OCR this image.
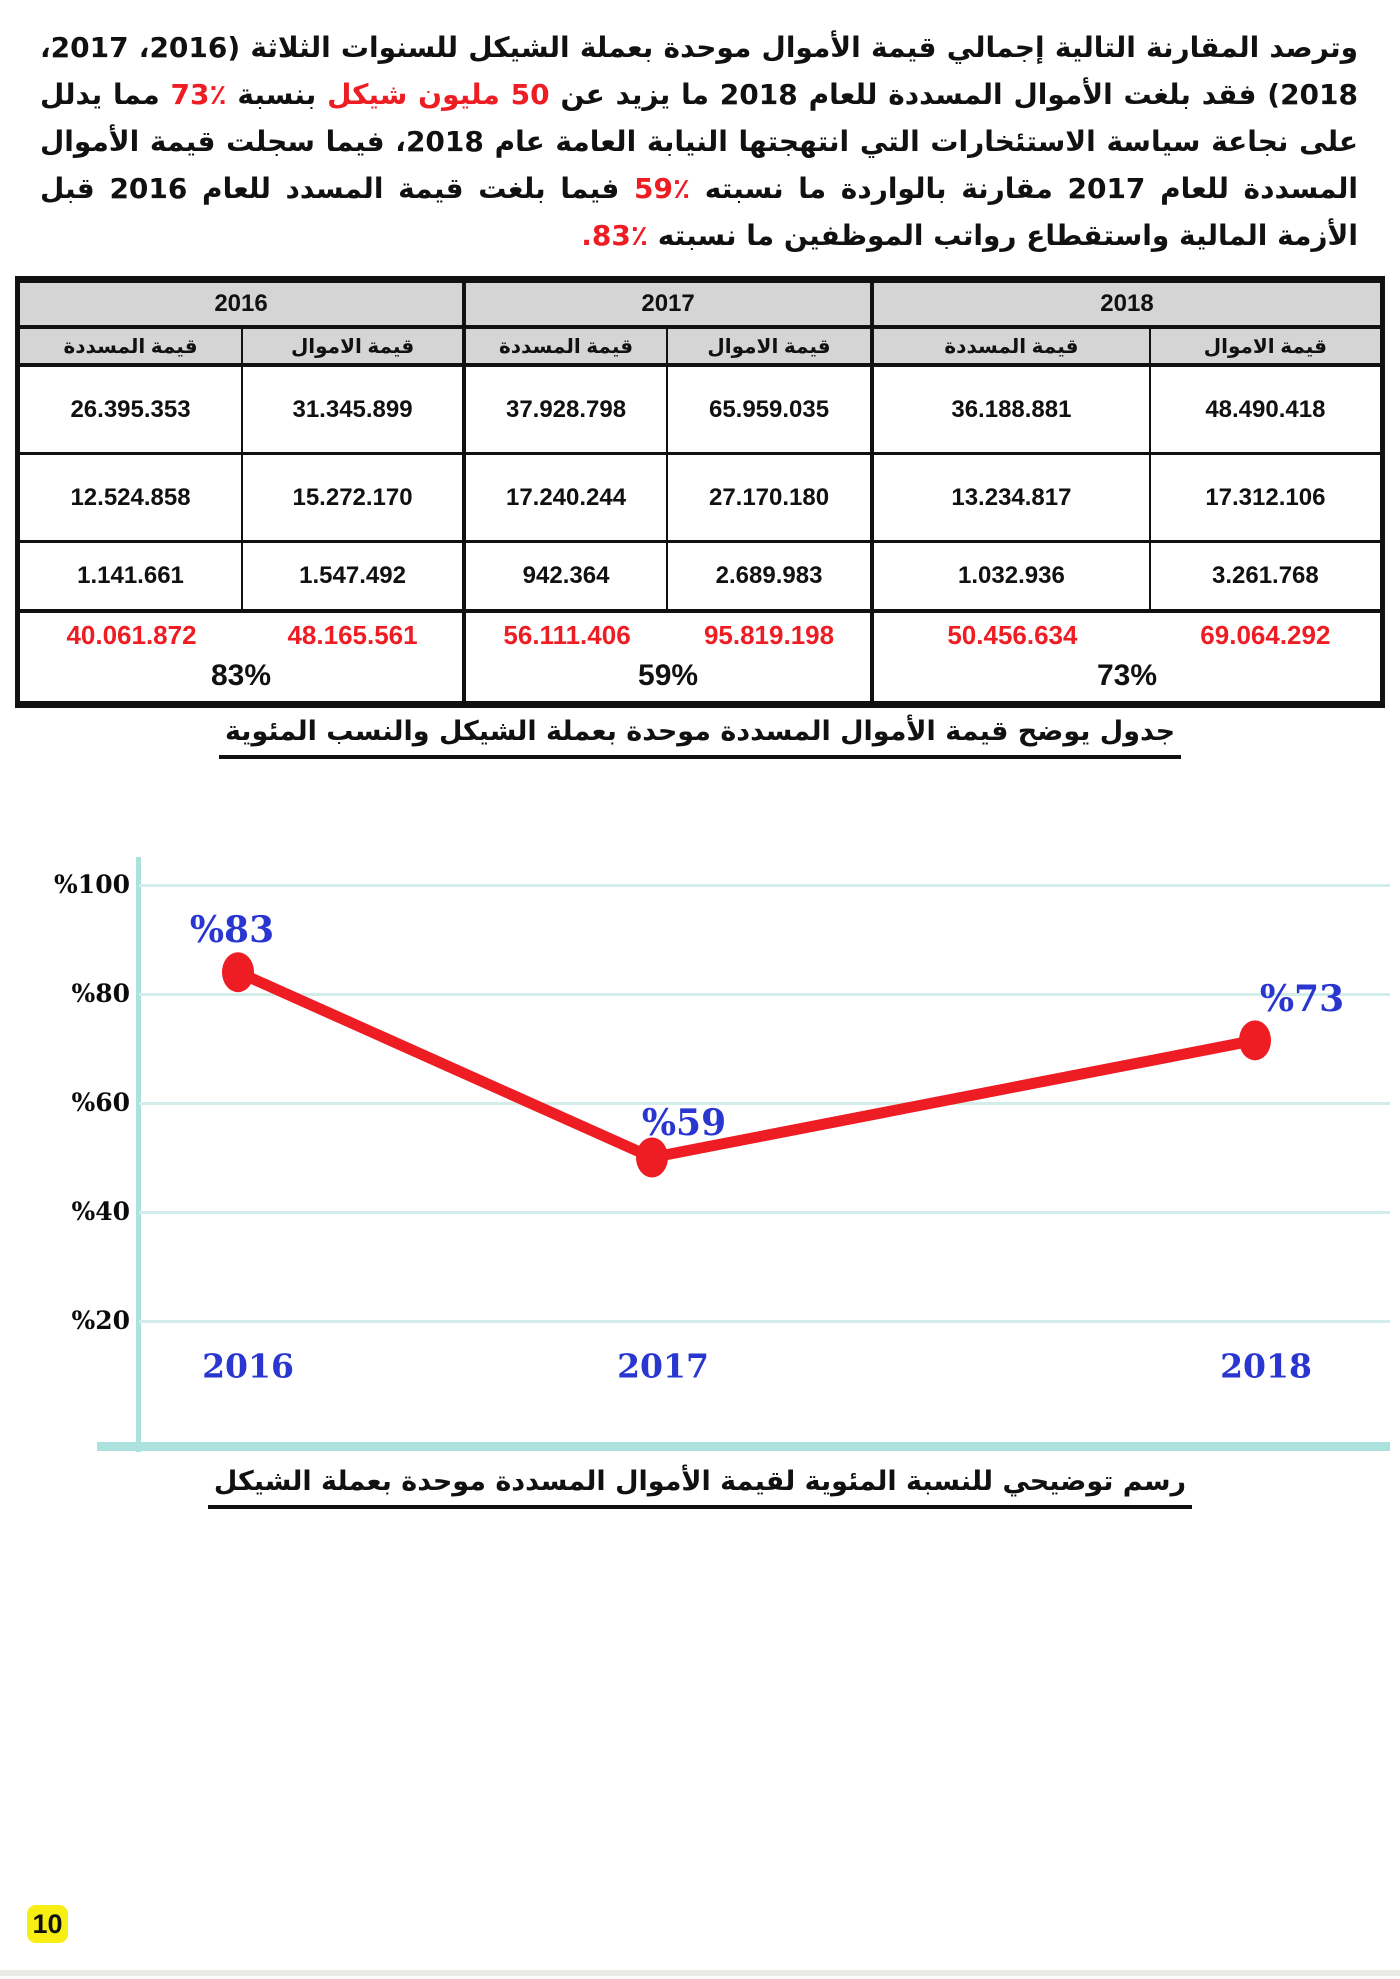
وترصد المقارنة التالية إجمالي قيمة الأموال موحدة بعملة الشيكل للسنوات الثلاثة (2016، 2017، 2018) فقد بلغت الأموال المسددة للعام 2018 ما يزيد عن 50 مليون شيكل بنسبة ٪73 مما يدلل على نجاعة سياسة الاستئخارات التي انتهجتها النيابة العامة عام 2018، فيما سجلت قيمة الأموال المسددة للعام 2017 مقارنة بالواردة ما نسبته ٪59 فيما بلغت قيمة المسدد للعام 2016 قبل الأزمة المالية واستقطاع رواتب الموظفين ما نسبته ٪83.

2016	2017	2018
قيمة المسددة	قيمة الاموال	قيمة المسددة	قيمة الاموال	قيمة المسددة	قيمة الاموال
26.395.353	31.345.899	37.928.798	65.959.035	36.188.881	48.490.418
12.524.858	15.272.170	17.240.244	27.170.180	13.234.817	17.312.106
1.141.661	1.547.492	942.364	2.689.983	1.032.936	3.261.768
40.061.872	48.165.561	56.111.406	95.819.198	50.456.634	69.064.292
83%	59%	73%
جدول يوضح قيمة الأموال المسددة موحدة بعملة الشيكل والنسب المئوية
%100
%80
%60
%40
%20
%83
%59
%73
2016	2017	2018
رسم توضيحي للنسبة المئوية لقيمة الأموال المسددة موحدة بعملة الشيكل
10
